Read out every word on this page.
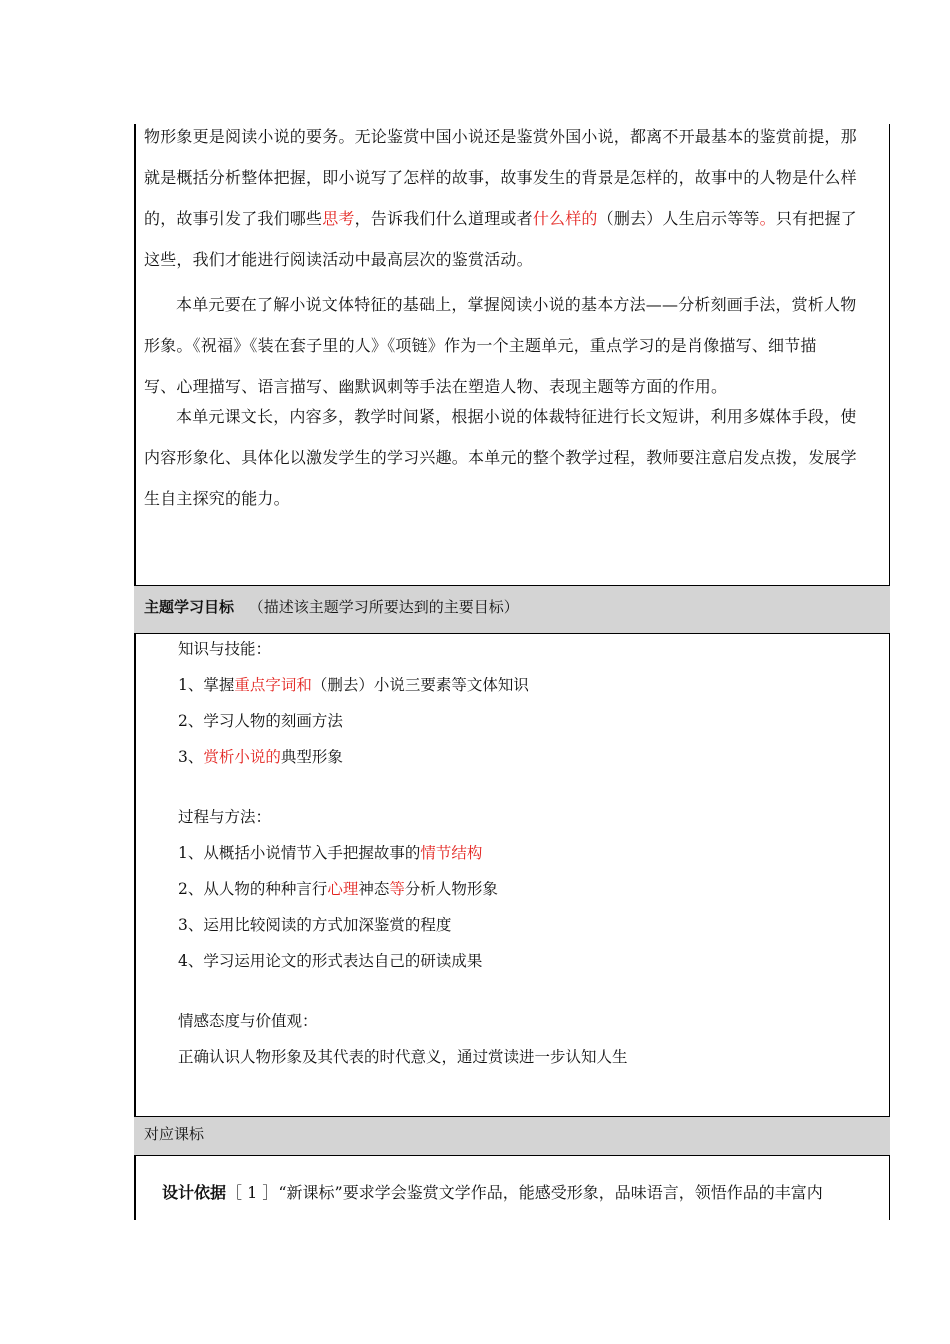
物形象更是阅读小说的要务。无论鉴赏中国小说还是鉴赏外国小说，都离不开最基本的鉴赏前提，那
就是概括分析整体把握，即小说写了怎样的故事，故事发生的背景是怎样的，故事中的人物是什么样
的，故事引发了我们哪些思考，告诉我们什么道理或者什么样的（删去）人生启示等等。只有把握了
这些，我们才能进行阅读活动中最高层次的鉴赏活动。
本单元要在了解小说文体特征的基础上，掌握阅读小说的基本方法——分析刻画手法，赏析人物
形象。《祝福》《装在套子里的人》《项链》作为一个主题单元，重点学习的是肖像描写、细节描
写、心理描写、语言描写、幽默讽刺等手法在塑造人物、表现主题等方面的作用。
本单元课文长，内容多，教学时间紧，根据小说的体裁特征进行长文短讲，利用多媒体手段，使
内容形象化、具体化以激发学生的学习兴趣。本单元的整个教学过程，教师要注意启发点拨，发展学
生自主探究的能力。
主题学习目标 （描述该主题学习所要达到的主要目标）
知识与技能：
1、掌握重点字词和（删去）小说三要素等文体知识
2、学习人物的刻画方法
3、赏析小说的典型形象
过程与方法：
1、从概括小说情节入手把握故事的情节结构
2、从人物的种种言行心理神态等分析人物形象
3、运用比较阅读的方式加深鉴赏的程度
4、学习运用论文的形式表达自己的研读成果
情感态度与价值观：
正确认识人物形象及其代表的时代意义，通过赏读进一步认知人生
对应课标
设计依据［ 1 ］“新课标”要求学会鉴赏文学作品，能感受形象，品味语言，领悟作品的丰富内
